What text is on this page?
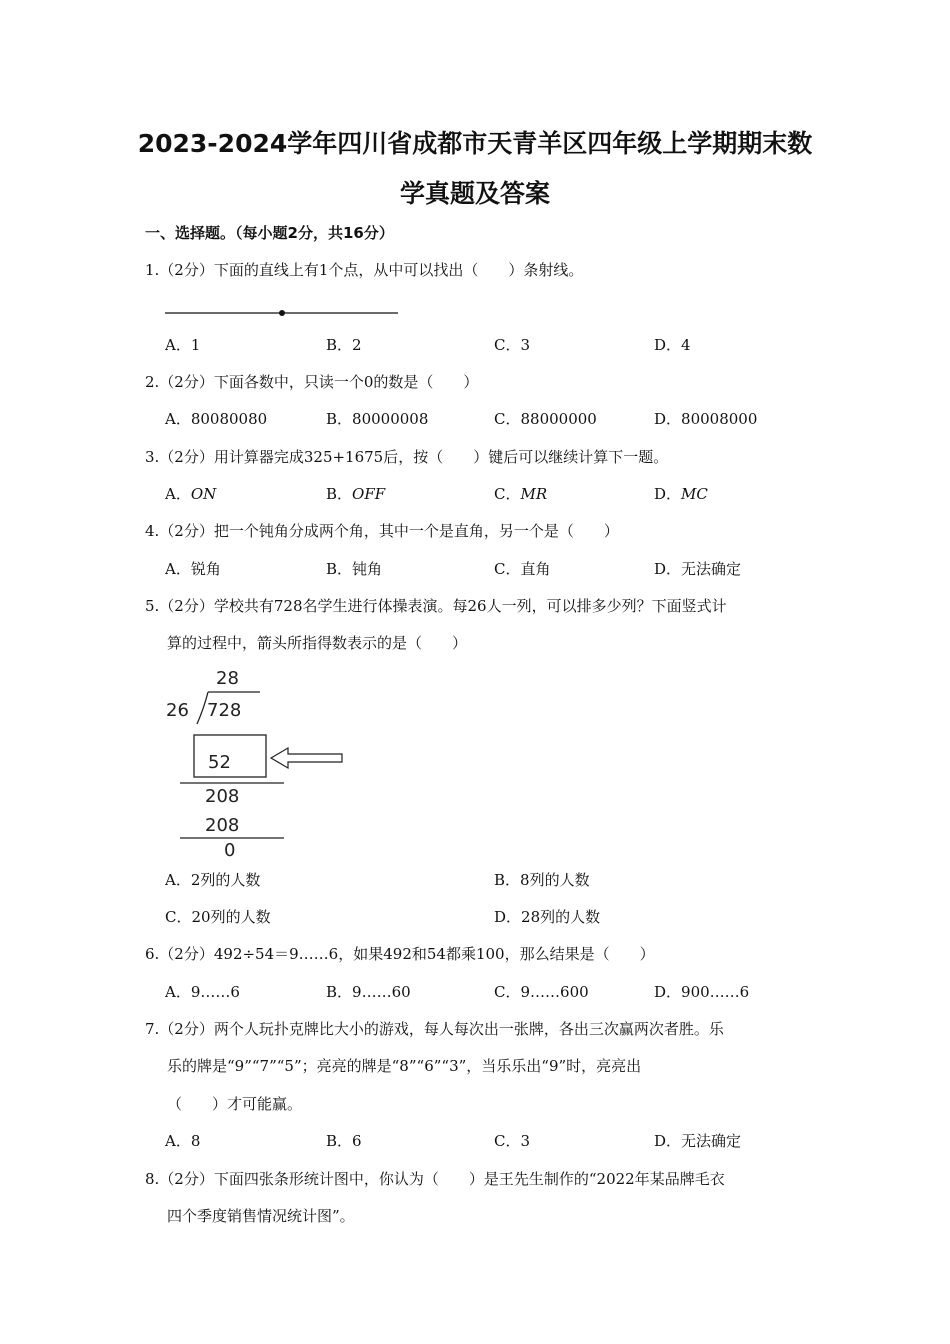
2023-2024学年四川省成都市天青羊区四年级上学期期末数
学真题及答案
一、选择题。（每小题2分，共16分）
1.（2分）下面的直线上有1个点，从中可以找出（　　）条射线。
A．1	B．2	C．3	D．4
2.（2分）下面各数中，只读一个0的数是（　　）
A．80080080	B．80000008	C．88000000	D．80008000
3.（2分）用计算器完成325+1675后，按（　　）键后可以继续计算下一题。
A．ON	B．OFF	C．MR	D．MC
4.（2分）把一个钝角分成两个角，其中一个是直角，另一个是（　　）
A．锐角	B．钝角	C．直角	D．无法确定
5.（2分）学校共有728名学生进行体操表演。每26人一列，可以排多少列？下面竖式计
算的过程中，箭头所指得数表示的是（　　）
28
26 728
52
208
208
0
A．2列的人数	B．8列的人数
C．20列的人数	D．28列的人数
6.（2分）492÷54＝9……6，如果492和54都乘100，那么结果是（　　）
A．9……6	B．9……60	C．9……600	D．900……6
7.（2分）两个人玩扑克牌比大小的游戏，每人每次出一张牌，各出三次赢两次者胜。乐
乐的牌是“9”“7”“5”；亮亮的牌是“8”“6”“3”，当乐乐出“9”时，亮亮出
（　　）才可能赢。
A．8	B．6	C．3	D．无法确定
8.（2分）下面四张条形统计图中，你认为（　　）是王先生制作的“2022年某品牌毛衣
四个季度销售情况统计图”。
